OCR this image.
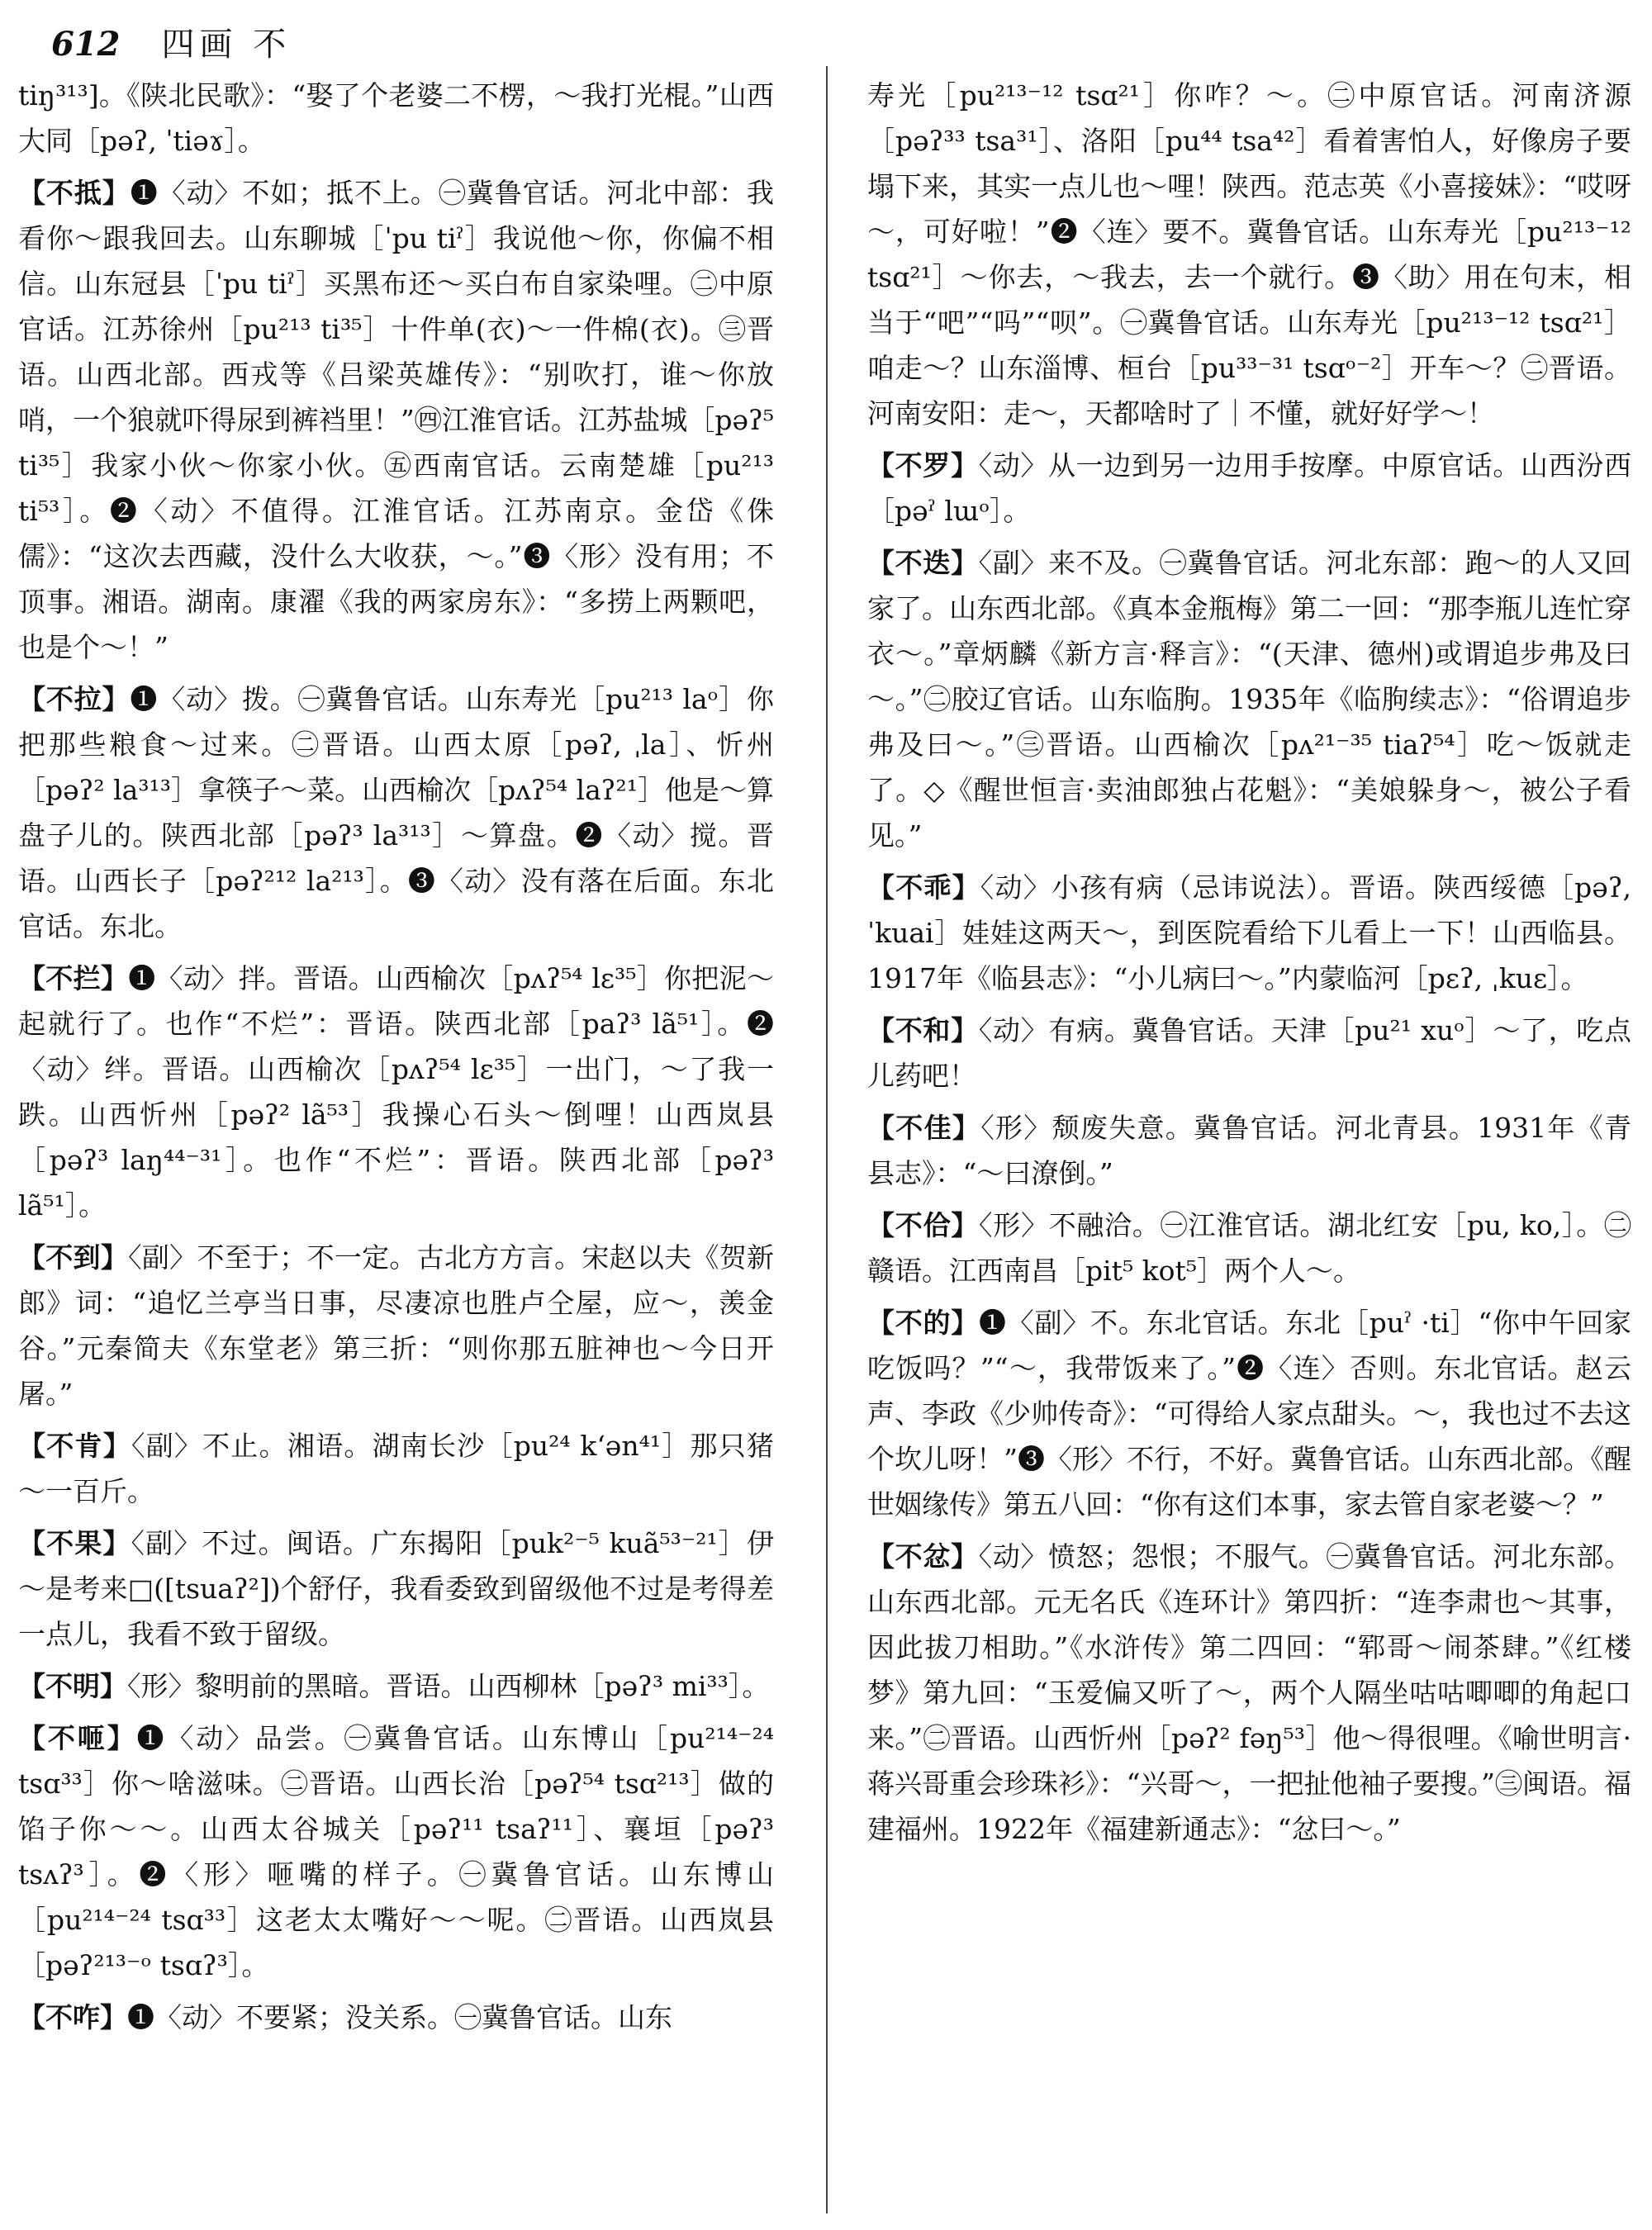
612 四画 不

tiŋ³¹³]。《陕北民歌》：“娶了个老婆二不楞，～我打光棍。”山西大同［pəʔ, ˈtiəɤ］。

【不抵】❶〈动〉不如；抵不上。㊀冀鲁官话。河北中部：我看你～跟我回去。山东聊城［ˈpu tiˀ］我说他～你，你偏不相信。山东冠县［ˈpu tiˀ］买黑布还～买白布自家染哩。㊁中原官话。江苏徐州［pu²¹³ ti³⁵］十件单(衣)～一件棉(衣)。㊂晋语。山西北部。西戎等《吕梁英雄传》：“别吹打，谁～你放哨，一个狼就吓得尿到裤裆里！”㊃江淮官话。江苏盐城［pəʔ⁵ ti³⁵］我家小伙～你家小伙。㊄西南官话。云南楚雄［pu²¹³ ti⁵³］。❷〈动〉不值得。江淮官话。江苏南京。金岱《侏儒》：“这次去西藏，没什么大收获，～。”❸〈形〉没有用；不顶事。湘语。湖南。康濯《我的两家房东》：“多捞上两颗吧，也是个～！”

【不拉】❶〈动〉拨。㊀冀鲁官话。山东寿光［pu²¹³ laᵒ］你把那些粮食～过来。㊁晋语。山西太原［pəʔ, ˌla］、忻州［pəʔ² la³¹³］拿筷子～菜。山西榆次［pʌʔ⁵⁴ laʔ²¹］他是～算盘子儿的。陕西北部［pəʔ³ la³¹³］～算盘。❷〈动〉搅。晋语。山西长子［pəʔ²¹² la²¹³］。❸〈动〉没有落在后面。东北官话。东北。

【不拦】❶〈动〉拌。晋语。山西榆次［pʌʔ⁵⁴ lɛ³⁵］你把泥～起就行了。也作“不烂”：晋语。陕西北部［paʔ³ lã⁵¹］。❷〈动〉绊。晋语。山西榆次［pʌʔ⁵⁴ lɛ³⁵］一出门，～了我一跌。山西忻州［pəʔ² lã⁵³］我操心石头～倒哩！山西岚县［pəʔ³ laŋ⁴⁴⁻³¹］。也作“不烂”：晋语。陕西北部［pəʔ³ lã⁵¹］。

【不到】〈副〉不至于；不一定。古北方方言。宋赵以夫《贺新郎》词：“追忆兰亭当日事，尽凄凉也胜卢仝屋，应～，羡金谷。”元秦简夫《东堂老》第三折：“则你那五脏神也～今日开屠。”

【不肯】〈副〉不止。湘语。湖南长沙［pu²⁴ kʻən⁴¹］那只猪～一百斤。

【不果】〈副〉不过。闽语。广东揭阳［puk²⁻⁵ kuã⁵³⁻²¹］伊～是考来□([tsuaʔ²])个舒仔，我看委致到留级他不过是考得差一点儿，我看不致于留级。

【不明】〈形〉黎明前的黑暗。晋语。山西柳林［pəʔ³ mi³³］。

【不咂】❶〈动〉品尝。㊀冀鲁官话。山东博山［pu²¹⁴⁻²⁴ tsɑ³³］你～啥滋味。㊁晋语。山西长治［pəʔ⁵⁴ tsɑ²¹³］做的馅子你～～。山西太谷城关［pəʔ¹¹ tsaʔ¹¹］、襄垣［pəʔ³ tsʌʔ³］。❷〈形〉咂嘴的样子。㊀冀鲁官话。山东博山［pu²¹⁴⁻²⁴ tsɑ³³］这老太太嘴好～～呢。㊁晋语。山西岚县［pəʔ²¹³⁻ᵒ tsɑʔ³］。

【不咋】❶〈动〉不要紧；没关系。㊀冀鲁官话。山东

寿光［pu²¹³⁻¹² tsɑ²¹］你咋？～。㊁中原官话。河南济源［pəʔ³³ tsa³¹］、洛阳［pu⁴⁴ tsa⁴²］看着害怕人，好像房子要塌下来，其实一点儿也～哩！陕西。范志英《小喜接妹》：“哎呀～，可好啦！”❷〈连〉要不。冀鲁官话。山东寿光［pu²¹³⁻¹² tsɑ²¹］～你去，～我去，去一个就行。❸〈助〉用在句末，相当于“吧”“吗”“呗”。㊀冀鲁官话。山东寿光［pu²¹³⁻¹² tsɑ²¹］咱走～？山东淄博、桓台［pu³³⁻³¹ tsɑᵒ⁻²］开车～？㊁晋语。河南安阳：走～，天都啥时了｜不懂，就好好学～！

【不罗】〈动〉从一边到另一边用手按摩。中原官话。山西汾西［pəˀ lɯᵒ］。

【不迭】〈副〉来不及。㊀冀鲁官话。河北东部：跑～的人又回家了。山东西北部。《真本金瓶梅》第二一回：“那李瓶儿连忙穿衣～。”章炳麟《新方言·释言》：“(天津、德州)或谓追步弗及曰～。”㊁胶辽官话。山东临朐。1935年《临朐续志》：“俗谓追步弗及曰～。”㊂晋语。山西榆次［pʌ²¹⁻³⁵ tiaʔ⁵⁴］吃～饭就走了。◇《醒世恒言·卖油郎独占花魁》：“美娘躲身～，被公子看见。”

【不乖】〈动〉小孩有病（忌讳说法）。晋语。陕西绥德［pəʔ, ˈkuai］娃娃这两天～，到医院看给下儿看上一下！山西临县。1917年《临县志》：“小儿病曰～。”内蒙临河［pɛʔ, ˌkuɛ］。

【不和】〈动〉有病。冀鲁官话。天津［pu²¹ xuᵒ］～了，吃点儿药吧！

【不佳】〈形〉颓废失意。冀鲁官话。河北青县。1931年《青县志》：“～曰潦倒。”

【不佮】〈形〉不融洽。㊀江淮官话。湖北红安［pu, ko,］。㊁赣语。江西南昌［pit⁵ kot⁵］两个人～。

【不的】❶〈副〉不。东北官话。东北［puˀ ·ti］“你中午回家吃饭吗？”“～，我带饭来了。”❷〈连〉否则。东北官话。赵云声、李政《少帅传奇》：“可得给人家点甜头。～，我也过不去这个坎儿呀！”❸〈形〉不行，不好。冀鲁官话。山东西北部。《醒世姻缘传》第五八回：“你有这们本事，家去管自家老婆～？”

【不忿】〈动〉愤怒；怨恨；不服气。㊀冀鲁官话。河北东部。山东西北部。元无名氏《连环计》第四折：“连李肃也～其事，因此拔刀相助。”《水浒传》第二四回：“郓哥～闹茶肆。”《红楼梦》第九回：“玉爱偏又听了～，两个人隔坐咕咕唧唧的角起口来。”㊁晋语。山西忻州［pəʔ² fəŋ⁵³］他～得很哩。《喻世明言·蒋兴哥重会珍珠衫》：“兴哥～，一把扯他袖子要搜。”㊂闽语。福建福州。1922年《福建新通志》：“忿曰～。”
